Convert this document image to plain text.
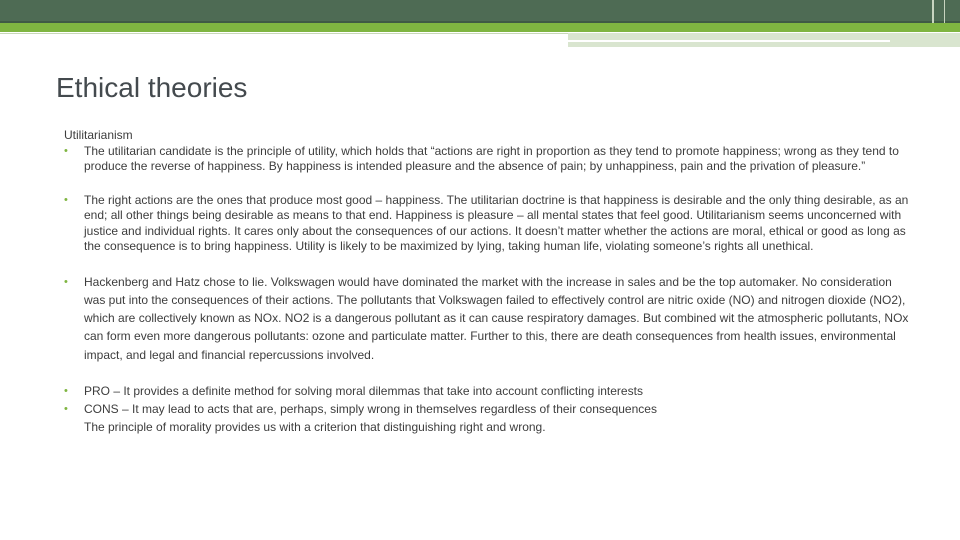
Ethical theories

Utilitarianism

•	The utilitarian candidate is the principle of utility, which holds that “actions are right in proportion as they tend to promote happiness; wrong as they tend to produce the reverse of happiness. By happiness is intended pleasure and the absence of pain; by unhappiness, pain and the privation of pleasure.”
•	The right actions are the ones that produce most good – happiness. The utilitarian doctrine is that happiness is desirable and the only thing desirable, as an end; all other things being desirable as means to that end. Happiness is pleasure – all mental states that feel good. Utilitarianism seems unconcerned with justice and individual rights. It cares only about the consequences of our actions. It doesn’t matter whether the actions are moral, ethical or good as long as the consequence is to bring happiness. Utility is likely to be maximized by lying, taking human life, violating someone’s rights all unethical.
•	Hackenberg and Hatz chose to lie. Volkswagen would have dominated the market with the increase in sales and be the top automaker. No consideration was put into the consequences of their actions. The pollutants that Volkswagen failed to effectively control are nitric oxide (NO) and nitrogen dioxide (NO2), which are collectively known as NOx. NO2 is a dangerous pollutant as it can cause respiratory damages. But combined wit the atmospheric pollutants, NOx can form even more dangerous pollutants: ozone and particulate matter. Further to this, there are death consequences from health issues, environmental impact, and legal and financial repercussions involved.
•	PRO – It provides a definite method for solving moral dilemmas that take into account conflicting interests
•	CONS – It may lead to acts that are, perhaps, simply wrong in themselves regardless of their consequences

The principle of morality provides us with a criterion that distinguishing right and wrong.
